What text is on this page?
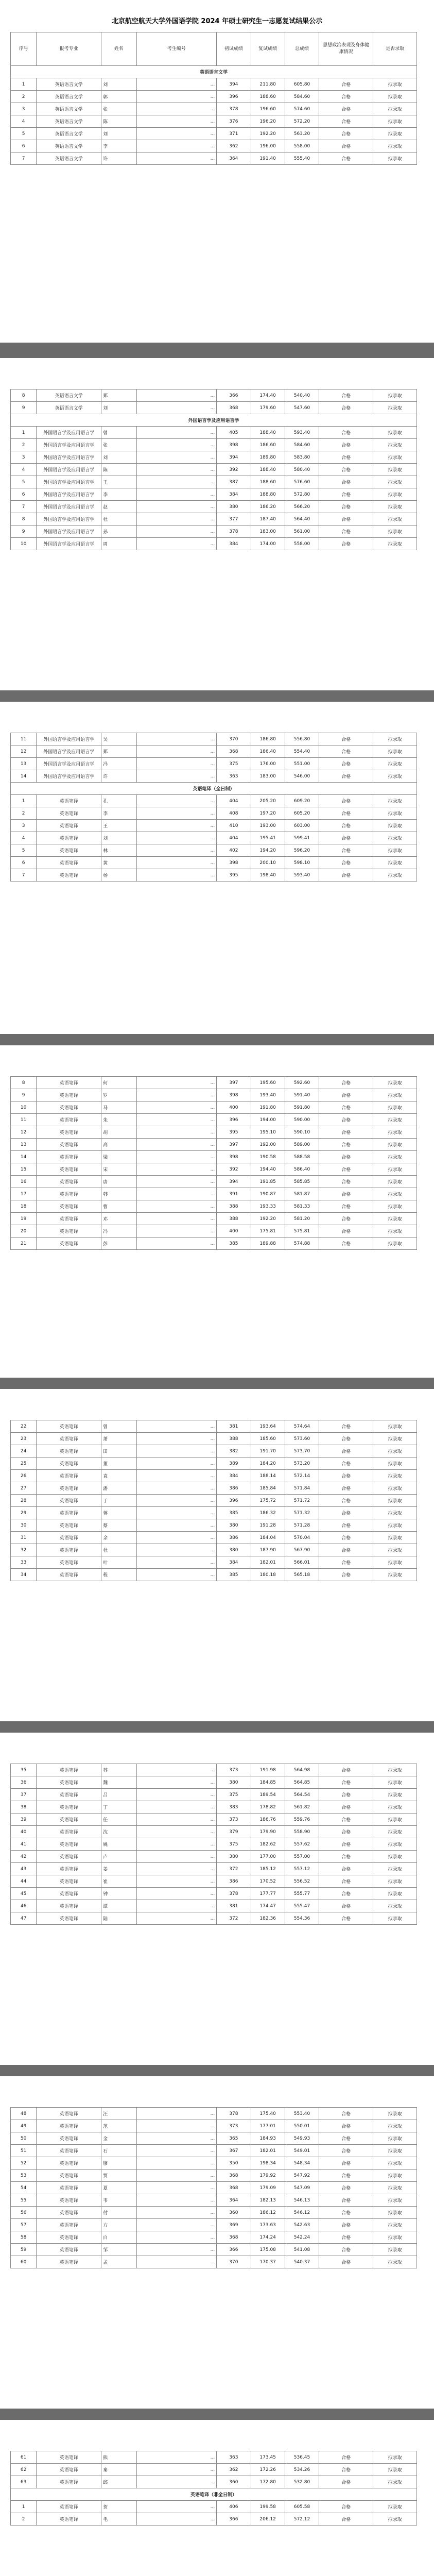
北京航空航天大学外国语学院 2024 年硕士研究生一志愿复试结果公示
序号	报考专业	姓名	考生编号	初试成绩	复试成绩	总成绩	思想政治表现及身体健康情况	是否录取
英语语言文学								
1	英语语言文学	刘	...	394	211.80	605.80	合格	拟录取
2	英语语言文学	郭	...	396	188.60	584.60	合格	拟录取
3	英语语言文学	张	...	378	196.60	574.60	合格	拟录取
4	英语语言文学	陈	...	376	196.20	572.20	合格	拟录取
5	英语语言文学	刘	...	371	192.20	563.20	合格	拟录取
6	英语语言文学	李	...	362	196.00	558.00	合格	拟录取
7	英语语言文学	许	...	364	191.40	555.40	合格	拟录取
8	英语语言文学	郑	...	366	174.40	540.40	合格	拟录取
9	英语语言文学	刘	...	368	179.60	547.60	合格	拟录取
外国语言学及应用语言学								
1	外国语言学及应用语言学	曾	...	405	188.40	593.40	合格	拟录取
2	外国语言学及应用语言学	张	...	398	186.60	584.60	合格	拟录取
3	外国语言学及应用语言学	刘	...	394	189.80	583.80	合格	拟录取
4	外国语言学及应用语言学	陈	...	392	188.40	580.40	合格	拟录取
5	外国语言学及应用语言学	王	...	387	188.60	576.60	合格	拟录取
6	外国语言学及应用语言学	李	...	384	188.80	572.80	合格	拟录取
7	外国语言学及应用语言学	赵	...	380	186.20	566.20	合格	拟录取
8	外国语言学及应用语言学	杜	...	377	187.40	564.40	合格	拟录取
9	外国语言学及应用语言学	孙	...	378	183.00	561.00	合格	拟录取
10	外国语言学及应用语言学	周	...	384	174.00	558.00	合格	拟录取
11	外国语言学及应用语言学	吴	...	370	186.80	556.80	合格	拟录取
12	外国语言学及应用语言学	郑	...	368	186.40	554.40	合格	拟录取
13	外国语言学及应用语言学	冯	...	375	176.00	551.00	合格	拟录取
14	外国语言学及应用语言学	许	...	363	183.00	546.00	合格	拟录取
英语笔译（全日制）								
1	英语笔译	孔	...	404	205.20	609.20	合格	拟录取
2	英语笔译	李	...	408	197.20	605.20	合格	拟录取
3	英语笔译	王	...	410	193.00	603.00	合格	拟录取
4	英语笔译	刘	...	404	195.41	599.41	合格	拟录取
5	英语笔译	林	...	402	194.20	596.20	合格	拟录取
6	英语笔译	黄	...	398	200.10	598.10	合格	拟录取
7	英语笔译	杨	...	395	198.40	593.40	合格	拟录取
8	英语笔译	何	...	397	195.60	592.60	合格	拟录取
9	英语笔译	罗	...	398	193.40	591.40	合格	拟录取
10	英语笔译	马	...	400	191.80	591.80	合格	拟录取
11	英语笔译	朱	...	396	194.00	590.00	合格	拟录取
12	英语笔译	胡	...	395	195.10	590.10	合格	拟录取
13	英语笔译	高	...	397	192.00	589.00	合格	拟录取
14	英语笔译	梁	...	398	190.58	588.58	合格	拟录取
15	英语笔译	宋	...	392	194.40	586.40	合格	拟录取
16	英语笔译	唐	...	394	191.85	585.85	合格	拟录取
17	英语笔译	韩	...	391	190.87	581.87	合格	拟录取
18	英语笔译	曹	...	388	193.33	581.33	合格	拟录取
19	英语笔译	邓	...	388	192.20	581.20	合格	拟录取
20	英语笔译	冯	...	400	175.81	575.81	合格	拟录取
21	英语笔译	彭	...	385	189.88	574.88	合格	拟录取
22	英语笔译	曾	...	381	193.64	574.64	合格	拟录取
23	英语笔译	萧	...	388	185.60	573.60	合格	拟录取
24	英语笔译	田	...	382	191.70	573.70	合格	拟录取
25	英语笔译	董	...	389	184.20	573.20	合格	拟录取
26	英语笔译	袁	...	384	188.14	572.14	合格	拟录取
27	英语笔译	潘	...	386	185.84	571.84	合格	拟录取
28	英语笔译	于	...	396	175.72	571.72	合格	拟录取
29	英语笔译	蒋	...	385	186.32	571.32	合格	拟录取
30	英语笔译	蔡	...	380	191.28	571.28	合格	拟录取
31	英语笔译	余	...	386	184.04	570.04	合格	拟录取
32	英语笔译	杜	...	380	187.90	567.90	合格	拟录取
33	英语笔译	叶	...	384	182.01	566.01	合格	拟录取
34	英语笔译	程	...	385	180.18	565.18	合格	拟录取
35	英语笔译	苏	...	373	191.98	564.98	合格	拟录取
36	英语笔译	魏	...	380	184.85	564.85	合格	拟录取
37	英语笔译	吕	...	375	189.54	564.54	合格	拟录取
38	英语笔译	丁	...	383	178.82	561.82	合格	拟录取
39	英语笔译	任	...	373	186.76	559.76	合格	拟录取
40	英语笔译	沈	...	379	179.90	558.90	合格	拟录取
41	英语笔译	姚	...	375	182.62	557.62	合格	拟录取
42	英语笔译	卢	...	380	177.00	557.00	合格	拟录取
43	英语笔译	姜	...	372	185.12	557.12	合格	拟录取
44	英语笔译	崔	...	386	170.52	556.52	合格	拟录取
45	英语笔译	钟	...	378	177.77	555.77	合格	拟录取
46	英语笔译	谭	...	381	174.47	555.47	合格	拟录取
47	英语笔译	陆	...	372	182.36	554.36	合格	拟录取
48	英语笔译	汪	...	378	175.40	553.40	合格	拟录取
49	英语笔译	范	...	373	177.01	550.01	合格	拟录取
50	英语笔译	金	...	365	184.93	549.93	合格	拟录取
51	英语笔译	石	...	367	182.01	549.01	合格	拟录取
52	英语笔译	廖	...	350	198.34	548.34	合格	拟录取
53	英语笔译	贾	...	368	179.92	547.92	合格	拟录取
54	英语笔译	夏	...	368	179.09	547.09	合格	拟录取
55	英语笔译	韦	...	364	182.13	546.13	合格	拟录取
56	英语笔译	付	...	360	186.12	546.12	合格	拟录取
57	英语笔译	方	...	369	173.63	542.63	合格	拟录取
58	英语笔译	白	...	368	174.24	542.24	合格	拟录取
59	英语笔译	邹	...	366	175.08	541.08	合格	拟录取
60	英语笔译	孟	...	370	170.37	540.37	合格	拟录取
61	英语笔译	熊	...	363	173.45	536.45	合格	拟录取
62	英语笔译	秦	...	362	172.26	534.26	合格	拟录取
63	英语笔译	邱	...	360	172.80	532.80	合格	拟录取
英语笔译（非全日制）								
1	英语笔译	贺	...	406	199.58	605.58	合格	拟录取
2	英语笔译	毛	...	366	206.12	572.12	合格	拟录取
